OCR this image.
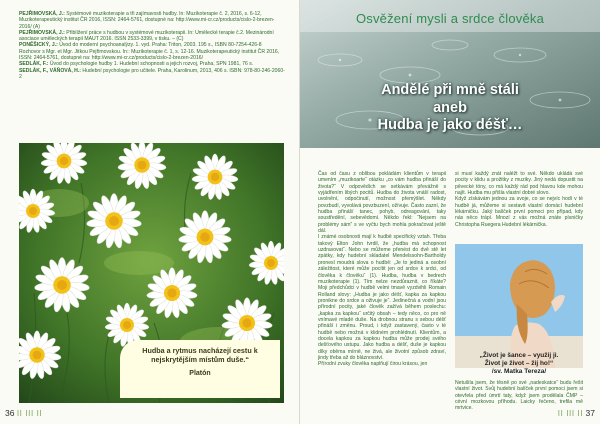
PEJŘIMOVSKÁ, J.: Systémové muzikoterapie a tři zajímavosti hudby. In: Muzikoterapie č. 2, 2016, s. 6-12, Muzikoterapeutický institut ČR 2016, ISSN: 2464-5761, dostupné na: http://www.mi-cr.cz/products/cislo-2-brezen-2016/ (A)
PEJŘIMOVSKÁ, J.: Přiblížení práce s hudbou v systémové muzikoterapii. In: Umělecké terapie č.2. Mezinárodní asociace uměleckých terapií MAUT 2016. ISSN 2533-3399, v tisku. – (C)
PONĚŠICKÝ, J.: Úvod do moderní psychoanalýzy. 1. vyd. Praha: Triton, 2003. 195 s., ISBN 80-7254-426-8
Rozhovor s Mgr. et Mgr. Jitkou Pejřimovskou. In:: Muzikoterapie č. 1, s. 12-16. Muzikoterapeutický institut ČR 2016, ISSN: 2464-5761, dostupné na: http://www.mi-cr.cz/products/cislo-2-brezen-2016/
SEDLÁK, F.: Úvod do psychologie hudby 1. Hudební schopnosti a jejich rozvoj, Praha, SPN 1981, 76 s.
SEDLÁK, F., VÁŇOVÁ, H.: Hudební psychologie pro učitele. Praha, Karolinum, 2013, 406 s. ISBN: 978-80-246-2060-2
Hudba a rytmus nacházejí cestu k nejskrytějším místům duše.“
Platón
36 II III II
Osvěžení mysli a srdce člověka
Andělé při mně stáli
aneb
Hudba je jako déšť…

Čas od času z oblibou pokládám klientům v terapii umením „muzikoarte“ otázku „co vám hudba přináší do života?“ V odpovědích se setkávám převážně s vyjádřením libých pocitů. Hudba do života vnáší radost, uvolnění, odpočinutí, možnost přemýšlet. Někdy povzbudí, vyvolává povzbuzení, ožívuje. Často zazní, že hudba přináší tanec, pohyb, odreagování, taky soustředění, sebevědomí. Někdo řekl: “Nejsem na problémy sám” s ve vyčtu bych mohla pokračovat ještě dál.

I známé osobnosti mají k hudbě specifický vztah. Třeba takový Elton John tvrdil, že „hudba má schopnost uzdravovat“. Nebo se můžeme přenést do dvě stě let zpátky, kdy hudební skladatel Mendelssohn-Bartholdy pronesl moudrá slova o hudbě: „Je to jediná a osobní záležitost, které může pocítit jen od srdce k srdci, od člověka k člověku“ (1). Hudba, hudba v bedrech muzikoterapie (1). Tím nelze nezdůraznit, co říkáte? Moji předchůdci v hudbě velmi tmavě vyzdvihli Romain Rolland slovy: „Hudba je jako déšť, kapka za kapkou pronikne do srdce a oživuje je“. Jedinečná a vodní jsou přírodní pocity, jaké člověk zažívá během poslechu: „kapka za kapkou“ určitý obsah – tedy něco, co pro ně vnímavé mladé duše. Na drobnou stranu s sebou déšť přináší i změnu. Proud, i když zastavený, často v té hudbě nebo možná v klidném prohlédnutí. Klientům, a docela kapkou za kapkou hudba může prodej svého dešťového ustupu. Jako hudba a déšť, duše je kapkou díky oběma mírně, ne živá, ale životní způsob zdraví, jindy třeba až do bláznovství.

Přírodní zvuky člověka naplňují čirou krásou, jen

si musí každý znát naléžt to své. Někdo ukládá své pocity v klidu a prožitky z muziky. Jiný nedá dopustit na pěvecké tóny, co má každý rád pod hlavou kde mohou najít. Hudba mu přišla vlastní dobré slovo.

Když získávám jednou za svoje, co se nejvíc hodí v té hudbě já, můžeme si sestavit vlastní domácí hudební lékárničku. Jaký balíček první pomoci pro případ, kdy nás něco trápí. Mnozí z vás možná znáte písničky Christopha Ruegera Hudební lékárnička.

„Život je šance – využij ji.
Život je život – žij ho!“
/sv. Matka Tereza/
Netušila jsem, že těsně po své „nadeskatce“ budu řešit vlastní život. Svůj hudební balíček první pomoci jsem si otevřela před úmrtí taty, když jsem prodělala ČMP – cévní mozkovou příhodu. Laicky řečeno, trefila mě mrtvice.
II III II 37
